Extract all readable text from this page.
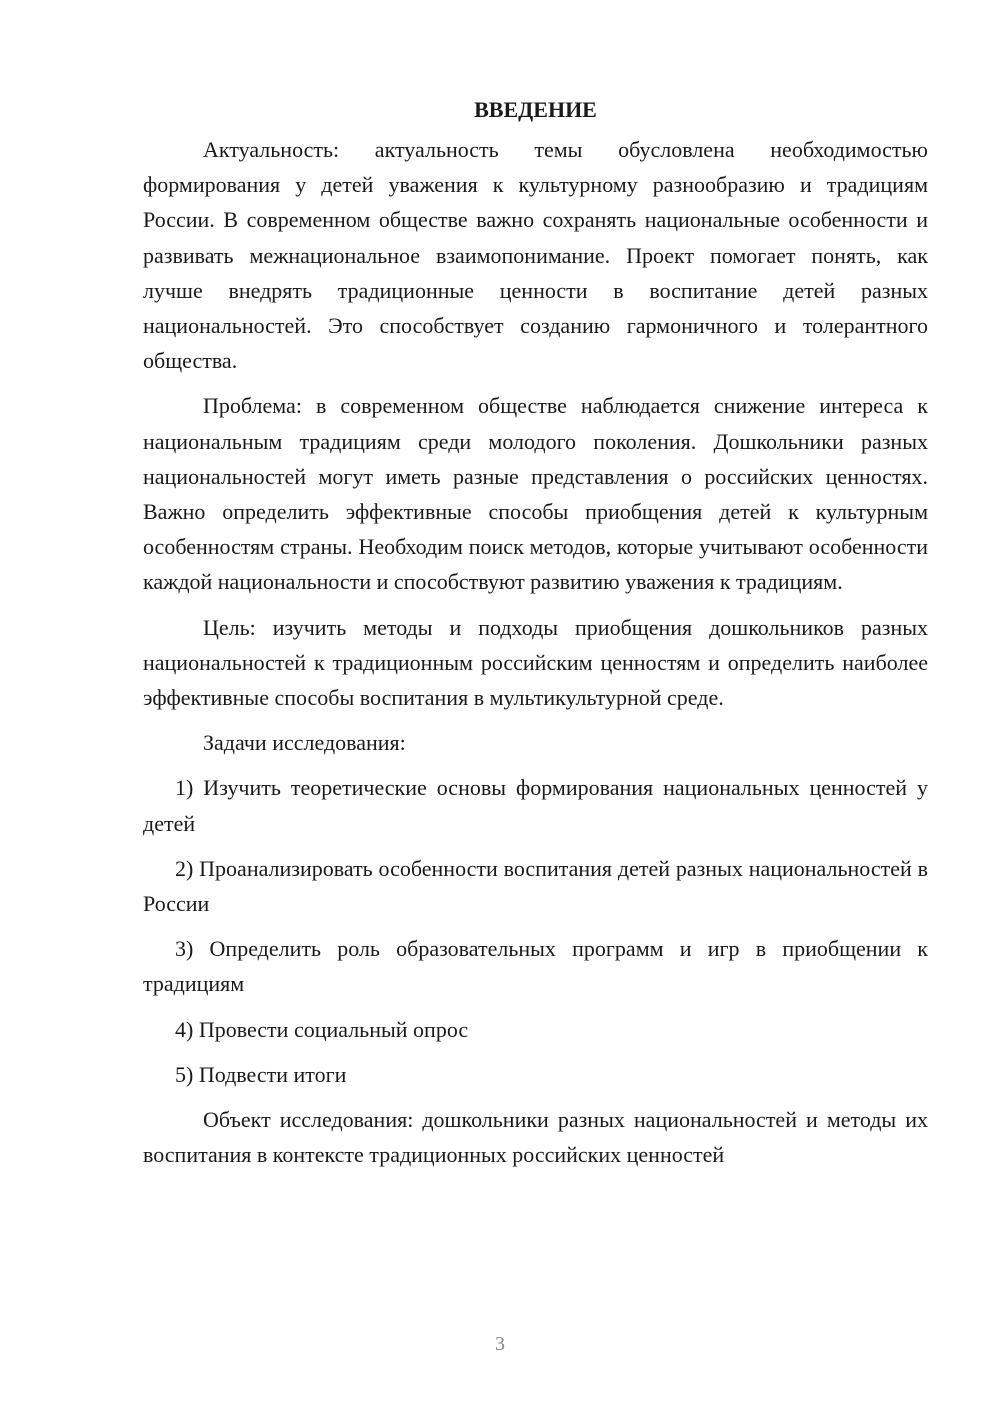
ВВЕДЕНИЕ

Актуальность: актуальность темы обусловлена необходимостью формирования у детей уважения к культурному разнообразию и традициям России. В современном обществе важно сохранять национальные особенности и развивать межнациональное взаимопонимание. Проект помогает понять, как лучше внедрять традиционные ценности в воспитание детей разных национальностей. Это способствует созданию гармоничного и толерантного общества.

Проблема: в современном обществе наблюдается снижение интереса к национальным традициям среди молодого поколения. Дошкольники разных национальностей могут иметь разные представления о российских ценностях. Важно определить эффективные способы приобщения детей к культурным особенностям страны. Необходим поиск методов, которые учитывают особенности каждой национальности и способствуют развитию уважения к традициям.

Цель: изучить методы и подходы приобщения дошкольников разных национальностей к традиционным российским ценностям и определить наиболее эффективные способы воспитания в мультикультурной среде.

Задачи исследования:

1) Изучить теоретические основы формирования национальных ценностей у детей

2) Проанализировать особенности воспитания детей разных национальностей в России

3) Определить роль образовательных программ и игр в приобщении к традициям

4) Провести социальный опрос

5) Подвести итоги

Объект исследования: дошкольники разных национальностей и методы их воспитания в контексте традиционных российских ценностей

3
